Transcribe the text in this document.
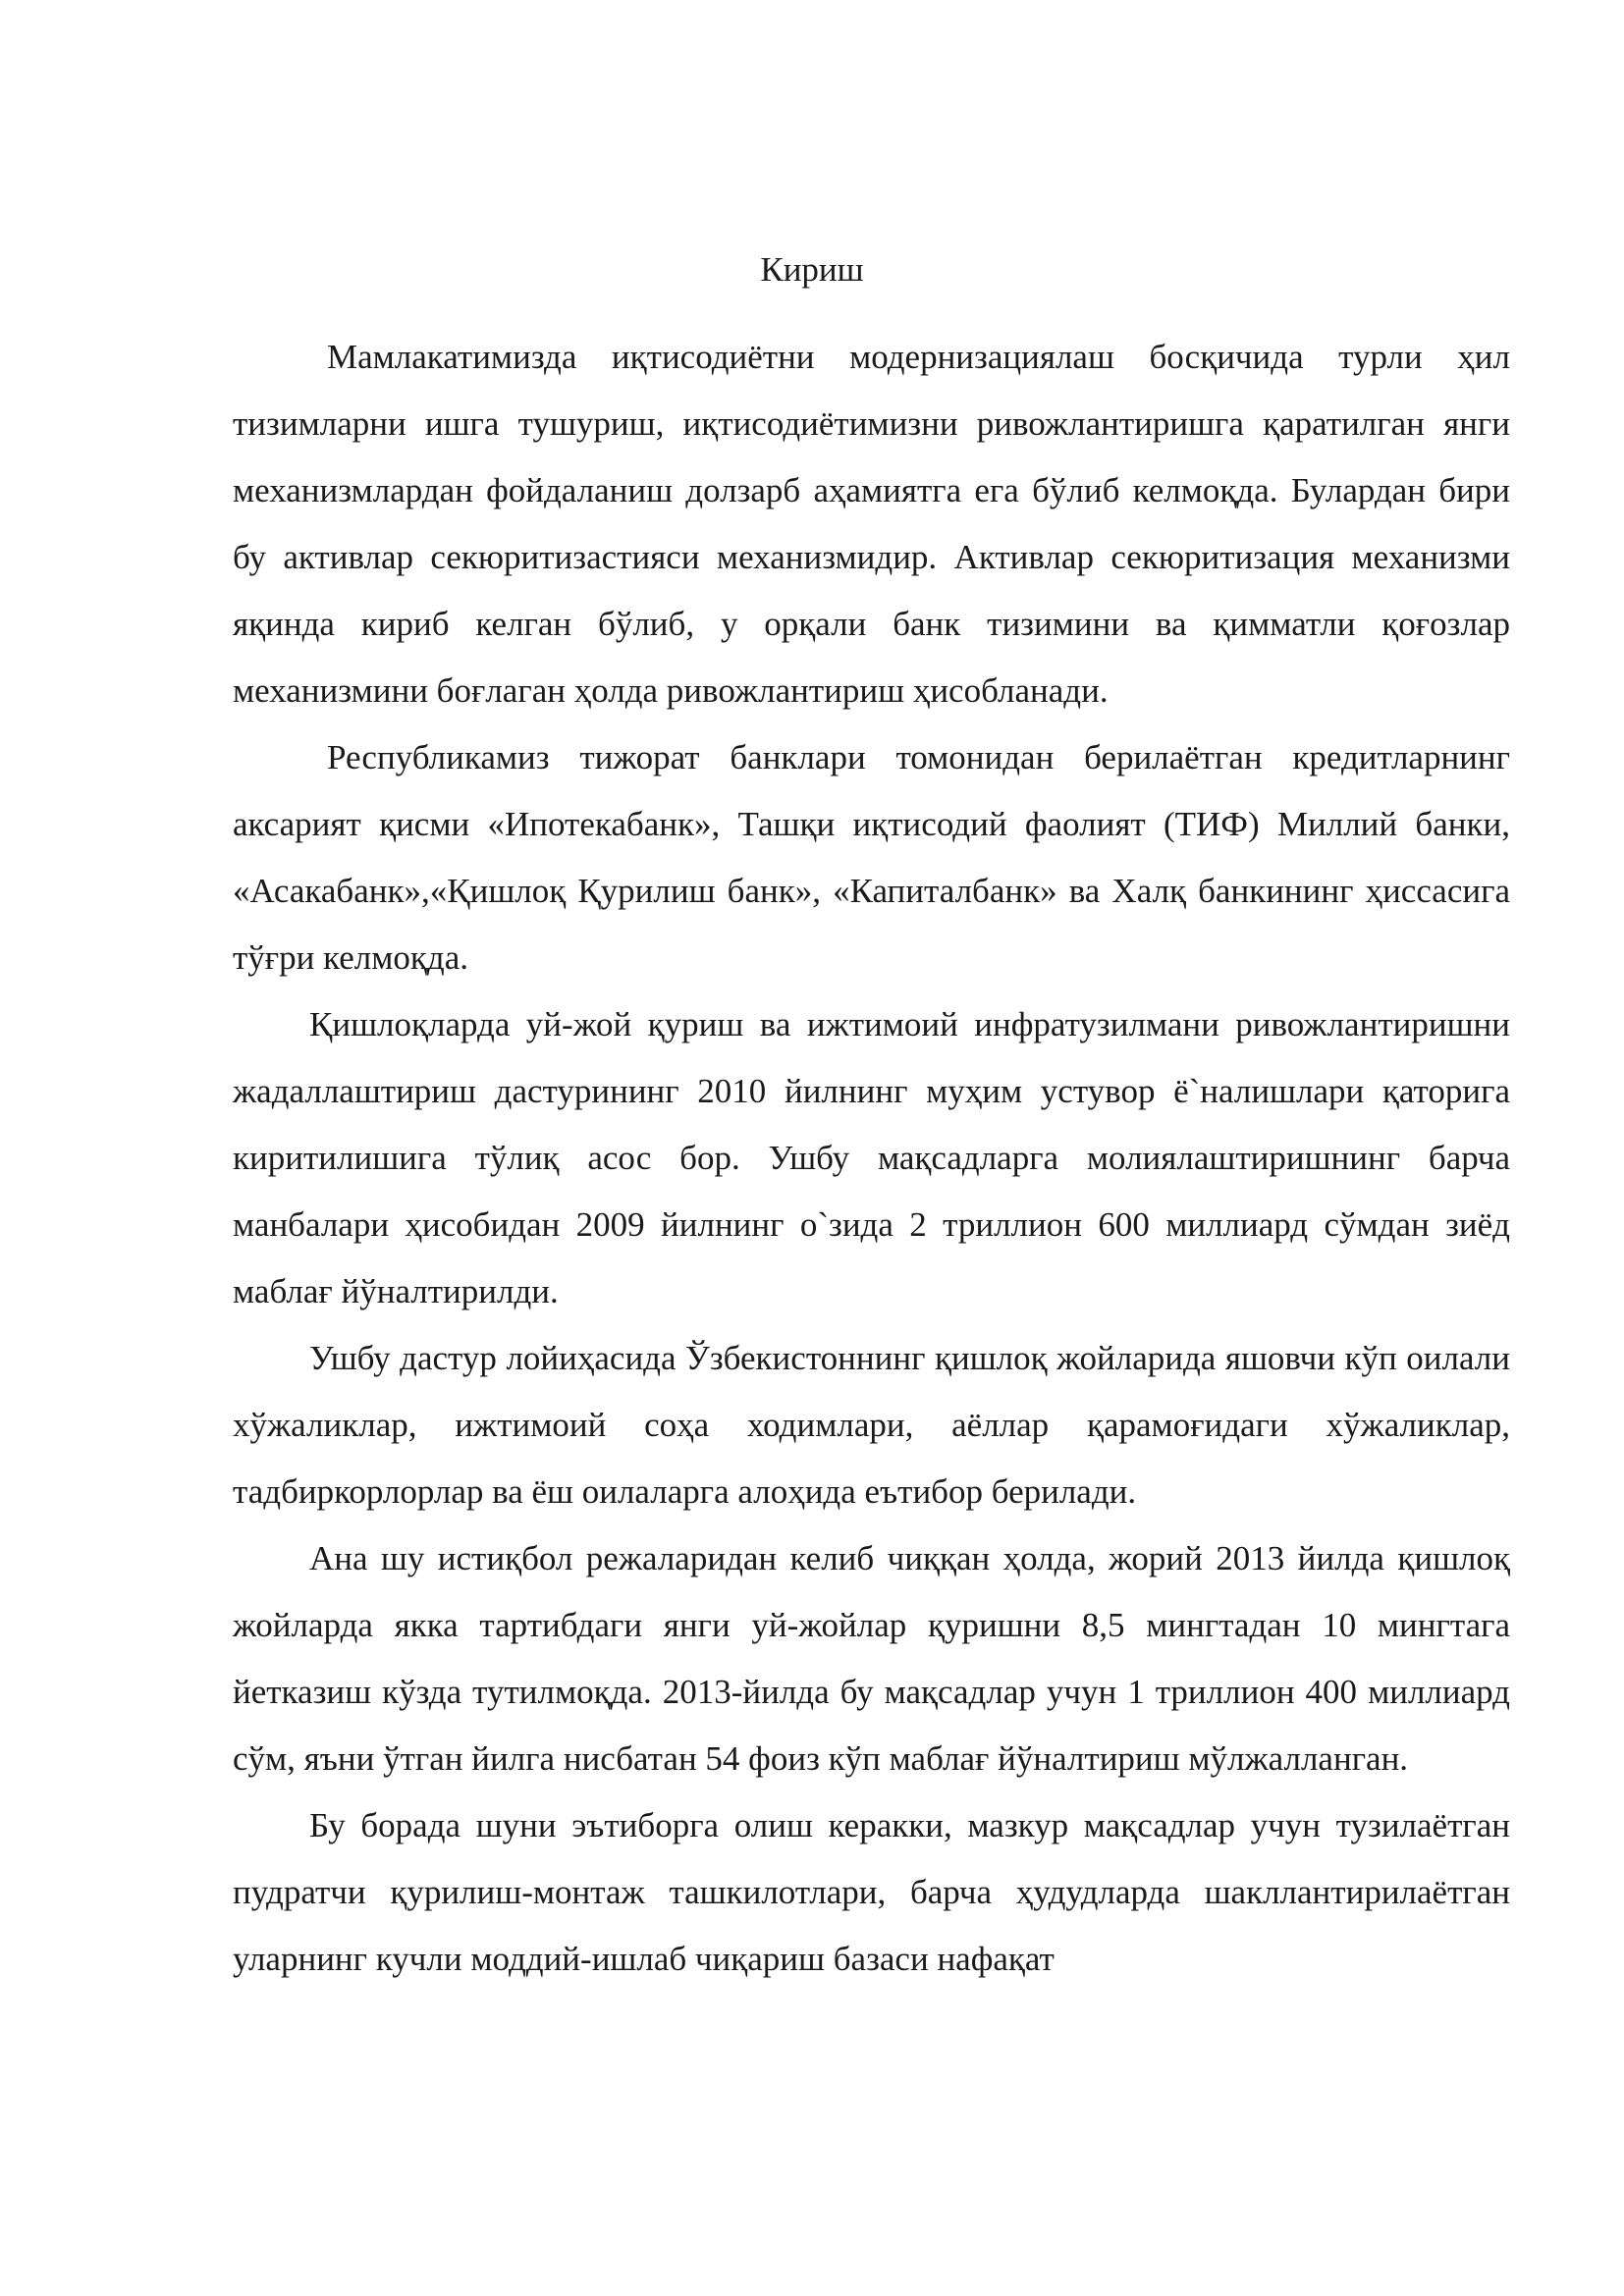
Кириш

Мамлакатимизда иқтисодиётни модернизациялаш босқичида турли ҳил тизимларни ишга тушуриш, иқтисодиётимизни ривожлантиришга қаратилган янги механизмлардан фойдаланиш долзарб аҳамиятга ега бўлиб келмоқда. Булардан бири бу активлар секюритизастияси механизмидир. Активлар секюритизация механизми яқинда кириб келган бўлиб, у орқали банк тизимини ва қимматли қоғозлар механизмини боғлаган ҳолда ривожлантириш ҳисобланади.

Республикамиз тижорат банклари томонидан берилаётган кредитларнинг аксарият қисми «Ипотекабанк», Ташқи иқтисодий фаолият (ТИФ) Миллий банки, «Асакабанк»,«Қишлоқ Қурилиш банк», «Капиталбанк» ва Халқ банкининг ҳиссасига тўғри келмоқда.

Қишлоқларда уй-жой қуриш ва ижтимоий инфратузилмани ривожлантиришни жадаллаштириш дастурининг 2010 йилнинг муҳим устувор ё`налишлари қаторига киритилишига тўлиқ асос бор. Ушбу мақсадларга молиялаштиришнинг барча манбалари ҳисобидан 2009 йилнинг о`зида 2 триллион 600 миллиард сўмдан зиёд маблағ йўналтирилди.

Ушбу дастур лойиҳасида Ўзбекистоннинг қишлоқ жойларида яшовчи кўп оилали хўжаликлар, ижтимоий соҳа ходимлари, аёллар қарамоғидаги хўжаликлар, тадбиркорлорлар ва ёш оилаларга алоҳида еътибор берилади.

Ана шу истиқбол режаларидан келиб чиққан ҳолда, жорий 2013 йилда қишлоқ жойларда якка тартибдаги янги уй-жойлар қуришни 8,5 мингтадан 10 мингтага йетказиш кўзда тутилмоқда. 2013-йилда бу мақсадлар учун 1 триллион 400 миллиард сўм, яъни ўтган йилга нисбатан 54 фоиз кўп маблағ йўналтириш мўлжалланган.

Бу борада шуни эътиборга олиш керакки, мазкур мақсадлар учун тузилаётган пудратчи қурилиш-монтаж ташкилотлари, барча ҳудудларда шакллантирилаётган уларнинг кучли моддий-ишлаб чиқариш базаси нафақат
